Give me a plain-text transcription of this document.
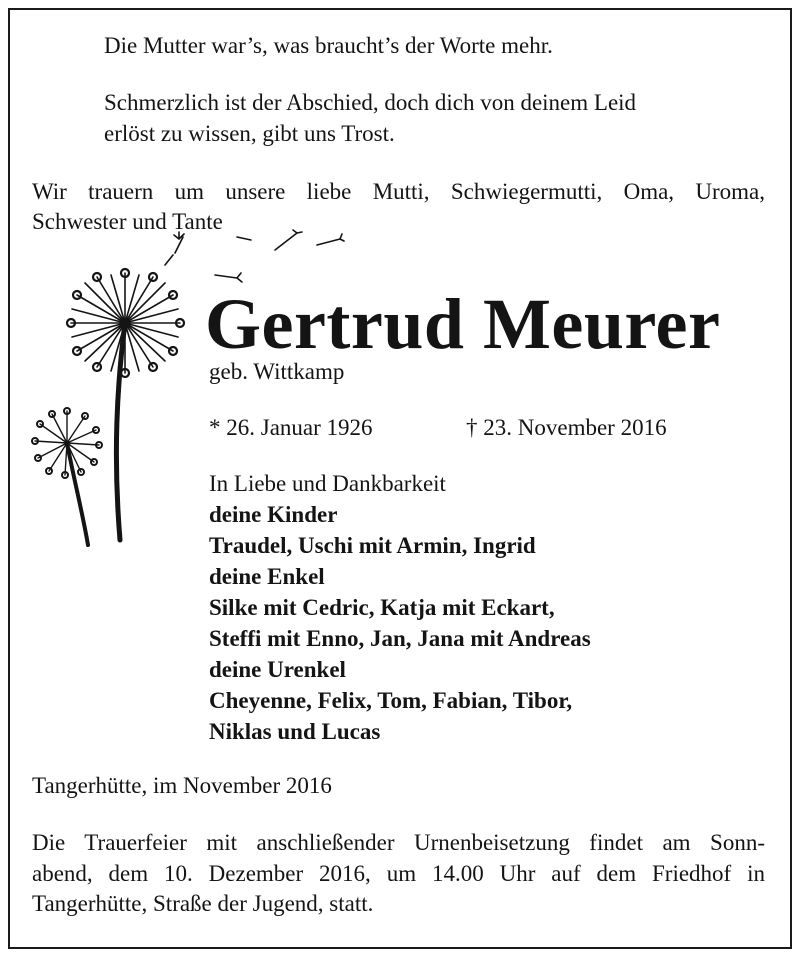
Die Mutter war’s, was braucht’s der Worte mehr.
Schmerzlich ist der Abschied, doch dich von deinem Leid
erlöst zu wissen, gibt uns Trost.
Wir trauern um unsere liebe Mutti, Schwiegermutti, Oma, Uroma,
Schwester und Tante
Gertrud Meurer
geb. Wittkamp
* 26. Januar 1926	† 23. November 2016
In Liebe und Dankbarkeit
deine Kinder
Traudel, Uschi mit Armin, Ingrid
deine Enkel
Silke mit Cedric, Katja mit Eckart,
Steffi mit Enno, Jan, Jana mit Andreas
deine Urenkel
Cheyenne, Felix, Tom, Fabian, Tibor,
Niklas und Lucas
Tangerhütte, im November 2016
Die Trauerfeier mit anschließender Urnenbeisetzung findet am Sonn-
abend, dem 10. Dezember 2016, um 14.00 Uhr auf dem Friedhof in
Tangerhütte, Straße der Jugend, statt.
